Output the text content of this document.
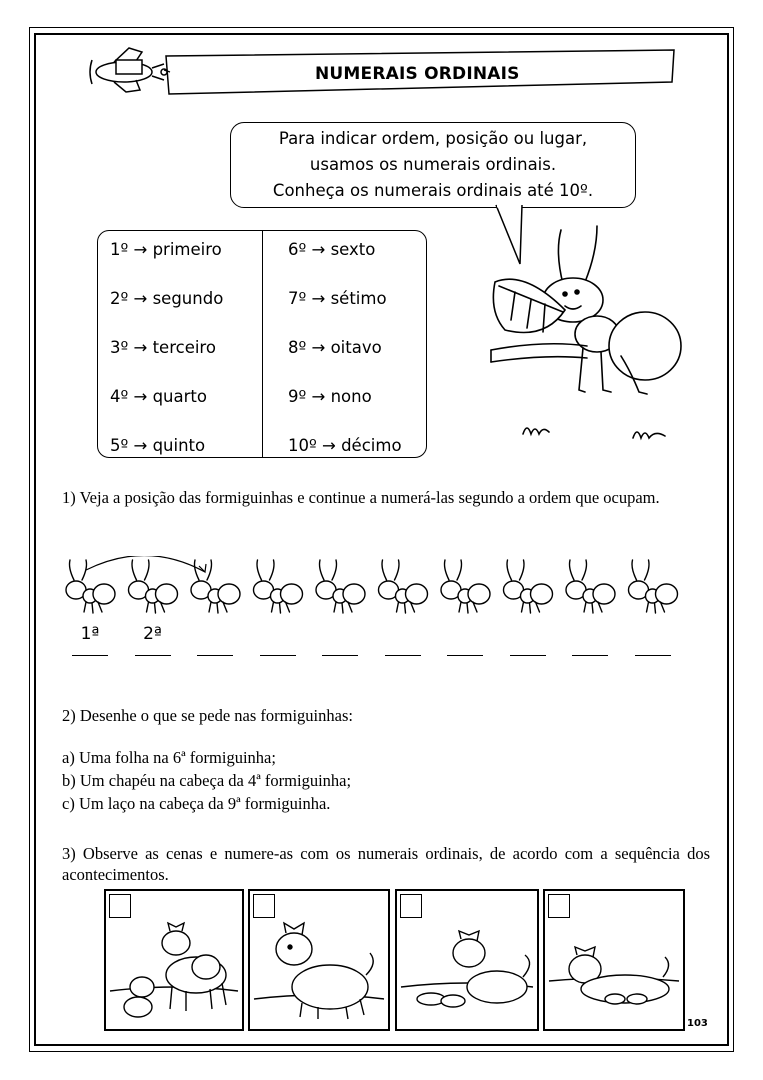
NUMERAIS ORDINAIS
Para indicar ordem, posição ou lugar,
usamos os numerais ordinais.
Conheça os numerais ordinais até 10º.
1º → primeiro
2º → segundo
3º → terceiro
4º → quarto
5º → quinto
6º → sexto
7º → sétimo
8º → oitavo
9º → nono
10º → décimo
1) Veja a posição das formiguinhas e continue a numerá-las segundo a ordem que ocupam.
1ª	2ª
2) Desenhe o que se pede nas formiguinhas:
a) Uma folha na 6ª formiguinha;
b) Um chapéu na cabeça da 4ª formiguinha;
c) Um laço na cabeça da 9ª formiguinha.
3) Observe as cenas e numere-as com os numerais ordinais, de acordo com a sequência dos acontecimentos.
103
